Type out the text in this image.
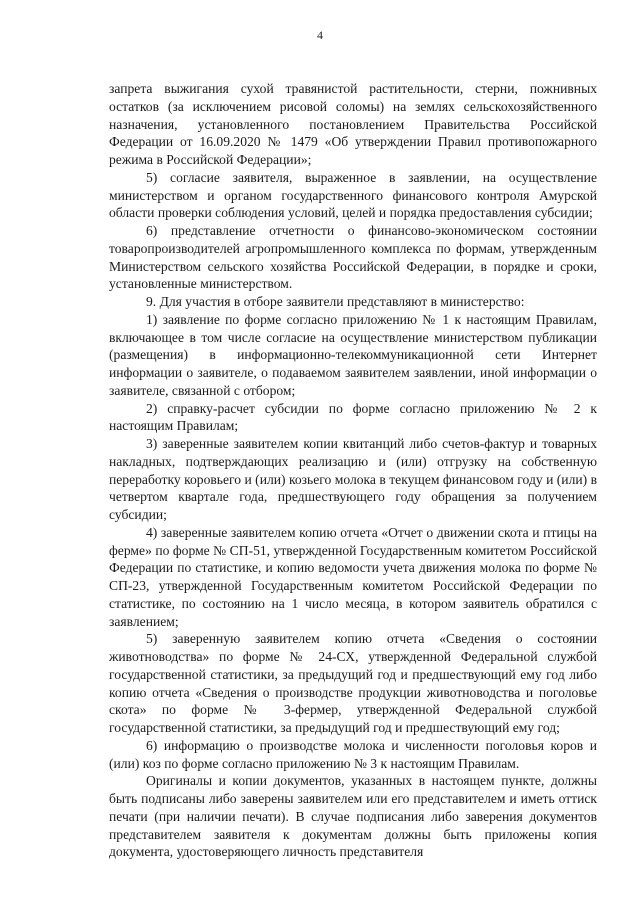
4

запрета выжигания сухой травянистой растительности, стерни, пожнивных остатков (за исключением рисовой соломы) на землях сельскохозяйственного назначения, установленного постановлением Правительства Российской Федерации от 16.09.2020 № 1479 «Об утверждении Правил противопожарного режима в Российской Федерации»;

5) согласие заявителя, выраженное в заявлении, на осуществление министерством и органом государственного финансового контроля Амурской области проверки соблюдения условий, целей и порядка предоставления субсидии;

6) представление отчетности о финансово-экономическом состоянии товаропроизводителей агропромышленного комплекса по формам, утвержденным Министерством сельского хозяйства Российской Федерации, в порядке и сроки, установленные министерством.

9. Для участия в отборе заявители представляют в министерство:

1) заявление по форме согласно приложению № 1 к настоящим Правилам, включающее в том числе согласие на осуществление министерством публикации (размещения) в информационно-телекоммуникационной сети Интернет информации о заявителе, о подаваемом заявителем заявлении, иной информации о заявителе, связанной с отбором;

2) справку-расчет субсидии по форме согласно приложению № 2 к настоящим Правилам;

3) заверенные заявителем копии квитанций либо счетов-фактур и товарных накладных, подтверждающих реализацию и (или) отгрузку на собственную переработку коровьего и (или) козьего молока в текущем финансовом году и (или) в четвертом квартале года, предшествующего году обращения за получением субсидии;

4) заверенные заявителем копию отчета «Отчет о движении скота и птицы на ферме» по форме № СП-51, утвержденной Государственным комитетом Российской Федерации по статистике, и копию ведомости учета движения молока по форме № СП-23, утвержденной Государственным комитетом Российской Федерации по статистике, по состоянию на 1 число месяца, в котором заявитель обратился с заявлением;

5) заверенную заявителем копию отчета «Сведения о состоянии животноводства» по форме № 24-СХ, утвержденной Федеральной службой государственной статистики, за предыдущий год и предшествующий ему год либо копию отчета «Сведения о производстве продукции животноводства и поголовье скота» по форме № 3-фермер, утвержденной Федеральной службой государственной статистики, за предыдущий год и предшествующий ему год;

6) информацию о производстве молока и численности поголовья коров и (или) коз по форме согласно приложению № 3 к настоящим Правилам.

Оригиналы и копии документов, указанных в настоящем пункте, должны быть подписаны либо заверены заявителем или его представителем и иметь оттиск печати (при наличии печати). В случае подписания либо заверения документов представителем заявителя к документам должны быть приложены копия документа, удостоверяющего личность представителя
